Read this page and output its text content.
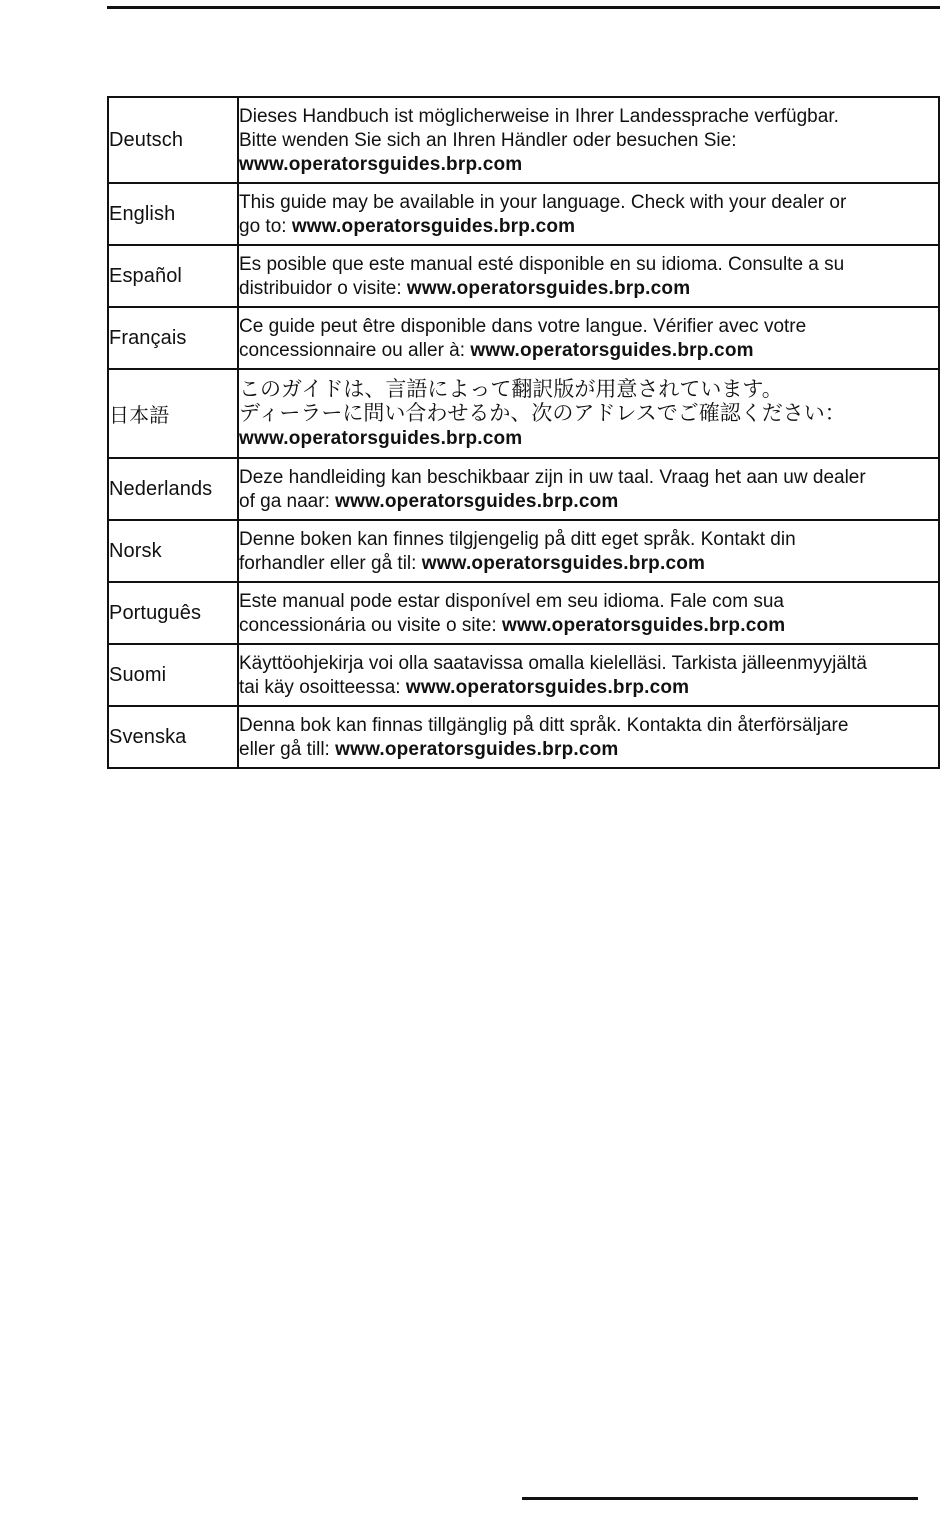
Deutsch	Dieses Handbuch ist möglicherweise in Ihrer Landessprache verfügbar.
Bitte wenden Sie sich an Ihren Händler oder besuchen Sie:
www.operatorsguides.brp.com

English	This guide may be available in your language. Check with your dealer or
go to: www.operatorsguides.brp.com

Español	Es posible que este manual esté disponible en su idioma. Consulte a su
distribuidor o visite: www.operatorsguides.brp.com

Français	Ce guide peut être disponible dans votre langue. Vérifier avec votre
concessionnaire ou aller à: www.operatorsguides.brp.com

日本語	このガイドは、言語によって翻訳版が用意されています。
ディーラーに問い合わせるか、次のアドレスでご確認ください：
www.operatorsguides.brp.com

Nederlands	Deze handleiding kan beschikbaar zijn in uw taal. Vraag het aan uw dealer
of ga naar: www.operatorsguides.brp.com

Norsk	Denne boken kan finnes tilgjengelig på ditt eget språk. Kontakt din
forhandler eller gå til: www.operatorsguides.brp.com

Português	Este manual pode estar disponível em seu idioma. Fale com sua
concessionária ou visite o site: www.operatorsguides.brp.com

Suomi	Käyttöohjekirja voi olla saatavissa omalla kielelläsi. Tarkista jälleenmyyjältä
tai käy osoitteessa: www.operatorsguides.brp.com

Svenska	Denna bok kan finnas tillgänglig på ditt språk. Kontakta din återförsäljare
eller gå till: www.operatorsguides.brp.com
